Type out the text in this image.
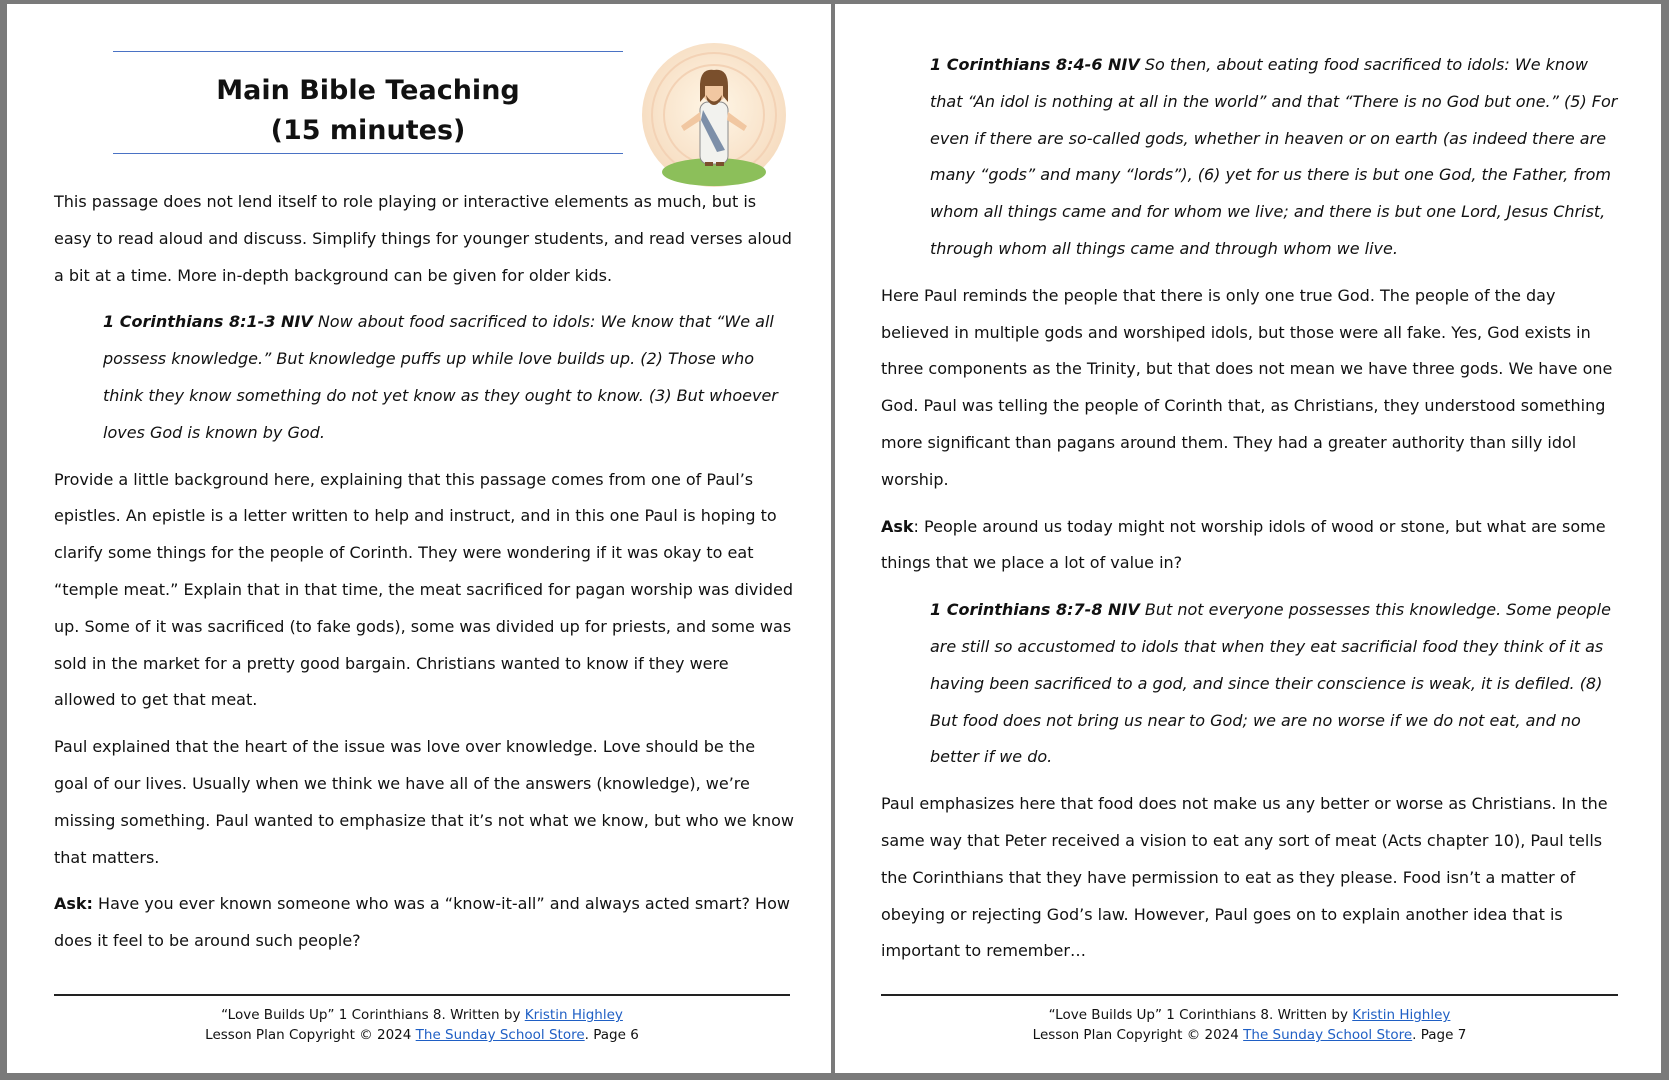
Main Bible Teaching
(15 minutes)

This passage does not lend itself to role playing or interactive elements as much, but is easy to read aloud and discuss. Simplify things for younger students, and read verses aloud a bit at a time. More in-depth background can be given for older kids.

1 Corinthians 8:1-3 NIV Now about food sacrificed to idols: We know that “We all possess knowledge.” But knowledge puffs up while love builds up. (2) Those who think they know something do not yet know as they ought to know. (3) But whoever loves God is known by God.

Provide a little background here, explaining that this passage comes from one of Paul’s epistles. An epistle is a letter written to help and instruct, and in this one Paul is hoping to clarify some things for the people of Corinth. They were wondering if it was okay to eat “temple meat.” Explain that in that time, the meat sacrificed for pagan worship was divided up. Some of it was sacrificed (to fake gods), some was divided up for priests, and some was sold in the market for a pretty good bargain. Christians wanted to know if they were allowed to get that meat.

Paul explained that the heart of the issue was love over knowledge. Love should be the goal of our lives. Usually when we think we have all of the answers (knowledge), we’re missing something. Paul wanted to emphasize that it’s not what we know, but who we know that matters.

Ask: Have you ever known someone who was a “know-it-all” and always acted smart? How does it feel to be around such people?

“Love Builds Up” 1 Corinthians 8. Written by Kristin Highley
Lesson Plan Copyright © 2024 The Sunday School Store. Page 6

1 Corinthians 8:4-6 NIV So then, about eating food sacrificed to idols: We know that “An idol is nothing at all in the world” and that “There is no God but one.” (5) For even if there are so-called gods, whether in heaven or on earth (as indeed there are many “gods” and many “lords”), (6) yet for us there is but one God, the Father, from whom all things came and for whom we live; and there is but one Lord, Jesus Christ, through whom all things came and through whom we live.

Here Paul reminds the people that there is only one true God. The people of the day believed in multiple gods and worshiped idols, but those were all fake. Yes, God exists in three components as the Trinity, but that does not mean we have three gods. We have one God. Paul was telling the people of Corinth that, as Christians, they understood something more significant than pagans around them. They had a greater authority than silly idol worship.

Ask: People around us today might not worship idols of wood or stone, but what are some things that we place a lot of value in?

1 Corinthians 8:7-8 NIV But not everyone possesses this knowledge. Some people are still so accustomed to idols that when they eat sacrificial food they think of it as having been sacrificed to a god, and since their conscience is weak, it is defiled. (8) But food does not bring us near to God; we are no worse if we do not eat, and no better if we do.

Paul emphasizes here that food does not make us any better or worse as Christians. In the same way that Peter received a vision to eat any sort of meat (Acts chapter 10), Paul tells the Corinthians that they have permission to eat as they please. Food isn’t a matter of obeying or rejecting God’s law. However, Paul goes on to explain another idea that is important to remember…

“Love Builds Up” 1 Corinthians 8. Written by Kristin Highley
Lesson Plan Copyright © 2024 The Sunday School Store. Page 7
